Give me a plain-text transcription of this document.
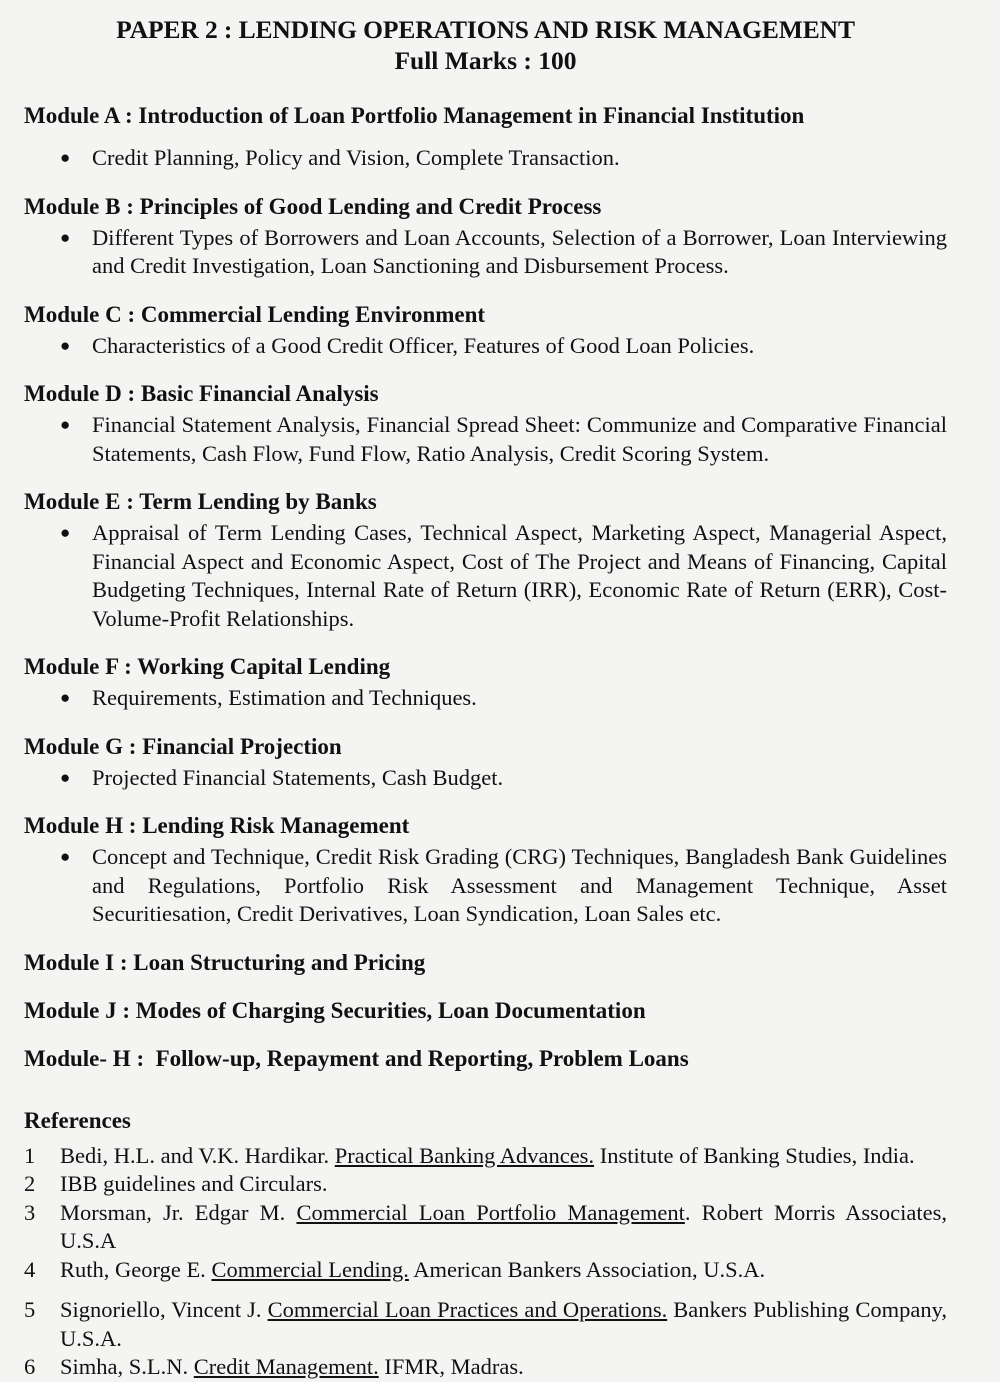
PAPER 2 : LENDING OPERATIONS AND RISK MANAGEMENT
Full Marks : 100
Module A : Introduction of Loan Portfolio Management in Financial Institution
● Credit Planning, Policy and Vision, Complete Transaction.
Module B : Principles of Good Lending and Credit Process
● Different Types of Borrowers and Loan Accounts, Selection of a Borrower, Loan Interviewing and Credit Investigation, Loan Sanctioning and Disbursement Process.
Module C : Commercial Lending Environment
● Characteristics of a Good Credit Officer, Features of Good Loan Policies.
Module D : Basic Financial Analysis
● Financial Statement Analysis, Financial Spread Sheet: Communize and Comparative Financial Statements, Cash Flow, Fund Flow, Ratio Analysis, Credit Scoring System.
Module E : Term Lending by Banks
● Appraisal of Term Lending Cases, Technical Aspect, Marketing Aspect, Managerial Aspect, Financial Aspect and Economic Aspect, Cost of The Project and Means of Financing, Capital Budgeting Techniques, Internal Rate of Return (IRR), Economic Rate of Return (ERR), Cost-Volume-Profit Relationships.
Module F : Working Capital Lending
● Requirements, Estimation and Techniques.
Module G : Financial Projection
● Projected Financial Statements, Cash Budget.
Module H : Lending Risk Management
● Concept and Technique, Credit Risk Grading (CRG) Techniques, Bangladesh Bank Guidelines and Regulations, Portfolio Risk Assessment and Management Technique, Asset Securitiesation, Credit Derivatives, Loan Syndication, Loan Sales etc.
Module I : Loan Structuring and Pricing
Module J : Modes of Charging Securities, Loan Documentation
Module- H :  Follow-up, Repayment and Reporting, Problem Loans
References
1 Bedi, H.L. and V.K. Hardikar. Practical Banking Advances. Institute of Banking Studies, India.
2 IBB guidelines and Circulars.
3 Morsman, Jr. Edgar M. Commercial Loan Portfolio Management. Robert Morris Associates, U.S.A
4 Ruth, George E. Commercial Lending. American Bankers Association, U.S.A.
5 Signoriello, Vincent J. Commercial Loan Practices and Operations. Bankers Publishing Company, U.S.A.
6 Simha, S.L.N. Credit Management. IFMR, Madras.
